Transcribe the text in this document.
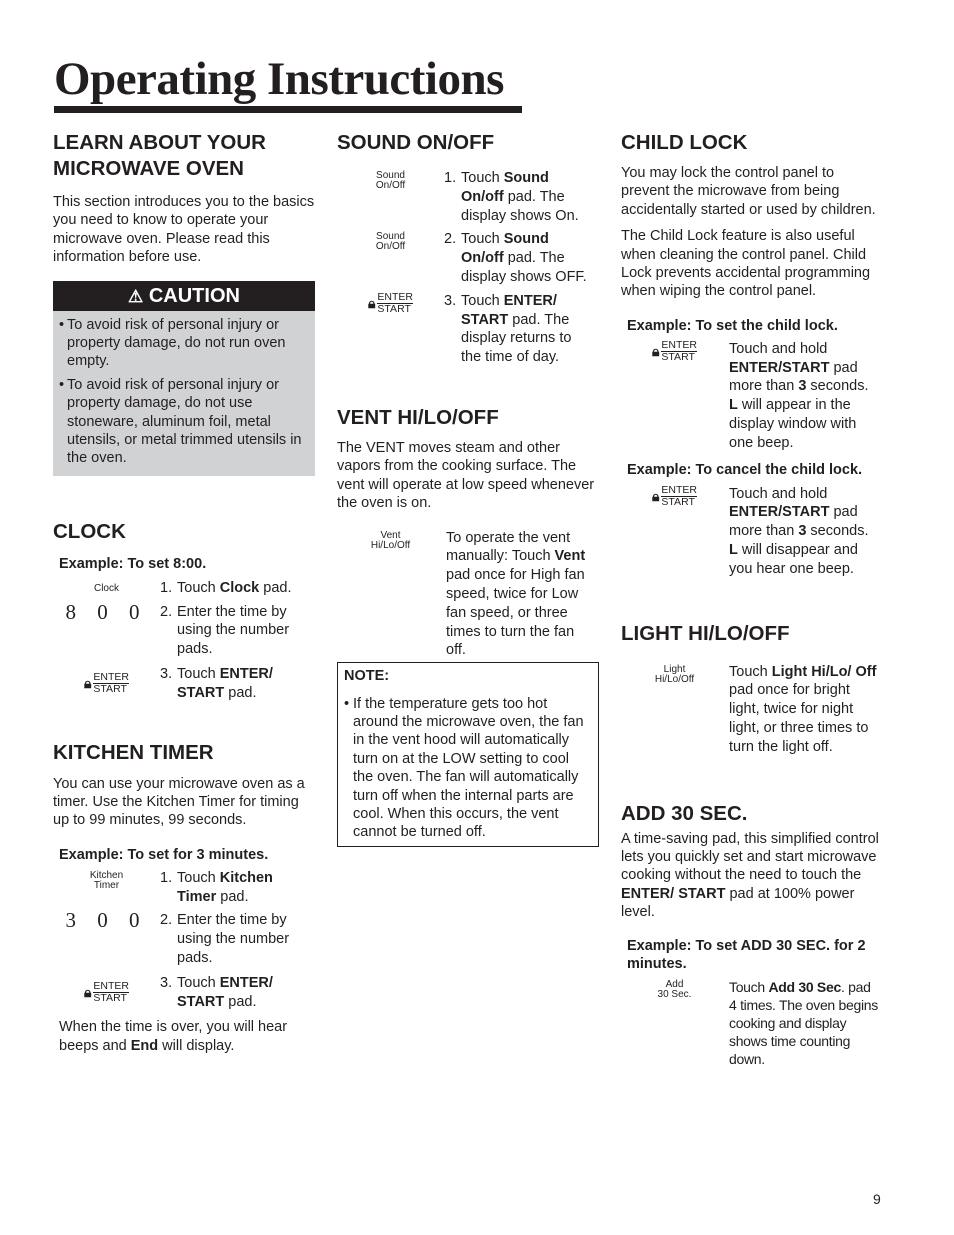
Operating Instructions
LEARN ABOUT YOUR MICROWAVE OVEN

This section introduces you to the basics you need to know to operate your microwave oven. Please read this information before use.

⚠ CAUTION
• To avoid risk of personal injury or property damage, do not run oven empty.
• To avoid risk of personal injury or property damage, do not use stoneware, aluminum foil, metal utensils, or metal trimmed utensils in the oven.
CLOCK
Example: To set 8:00.
Clock	1. Touch Clock pad.
8 0 0 2. Enter the time by using the number pads.
🔒︎ ENTER
START
3. Touch ENTER/ START pad.
KITCHEN TIMER

You can use your microwave oven as a timer. Use the Kitchen Timer for timing up to 99 minutes, 99 seconds.

Example: To set for 3 minutes.
Kitchen
Timer	1. Touch Kitchen Timer pad.
3 0 0 2. Enter the time by using the number pads.
🔒︎ ENTER
START
3. Touch ENTER/ START pad.

When the time is over, you will hear beeps and End will display.

SOUND ON/OFF
Sound
On/Off	1. Touch Sound On/off pad. The display shows On.
Sound
On/Off	2. Touch Sound On/off pad. The display shows OFF.
🔒︎ ENTER
START 3. Touch ENTER/ START pad. The display returns to the time of day.
VENT HI/LO/OFF

The VENT moves steam and other vapors from the cooking surface. The vent will operate at low speed whenever the oven is on.

Vent
Hi/Lo/Off To operate the vent manually: Touch Vent pad once for High fan speed, twice for Low fan speed, or three times to turn the fan off.
NOTE:
• If the temperature gets too hot around the microwave oven, the fan in the vent hood will automatically turn on at the LOW setting to cool the oven. The fan will automatically turn off when the internal parts are cool. When this occurs, the vent cannot be turned off.
CHILD LOCK

You may lock the control panel to prevent the microwave from being accidentally started or used by children.

The Child Lock feature is also useful when cleaning the control panel. Child Lock prevents accidental programming when wiping the control panel.

Example: To set the child lock.
🔒︎ ENTER
START Touch and hold ENTER/START pad more than 3 seconds. L will appear in the display window with one beep.
Example: To cancel the child lock.
🔒︎ ENTER
START Touch and hold ENTER/START pad more than 3 seconds. L will disappear and you hear one beep.
LIGHT HI/LO/OFF
Light
Hi/Lo/Off Touch Light Hi/Lo/ Off pad once for bright light, twice for night light, or three times to turn the light off.
ADD 30 SEC.

A time-saving pad, this simplified control lets you quickly set and start microwave cooking without the need to touch the ENTER/ START pad at 100% power level.

Example: To set ADD 30 SEC. for 2 minutes.
Add
30 Sec.	Touch Add 30 Sec. pad 4 times. The oven begins cooking and display shows time counting down.
9
